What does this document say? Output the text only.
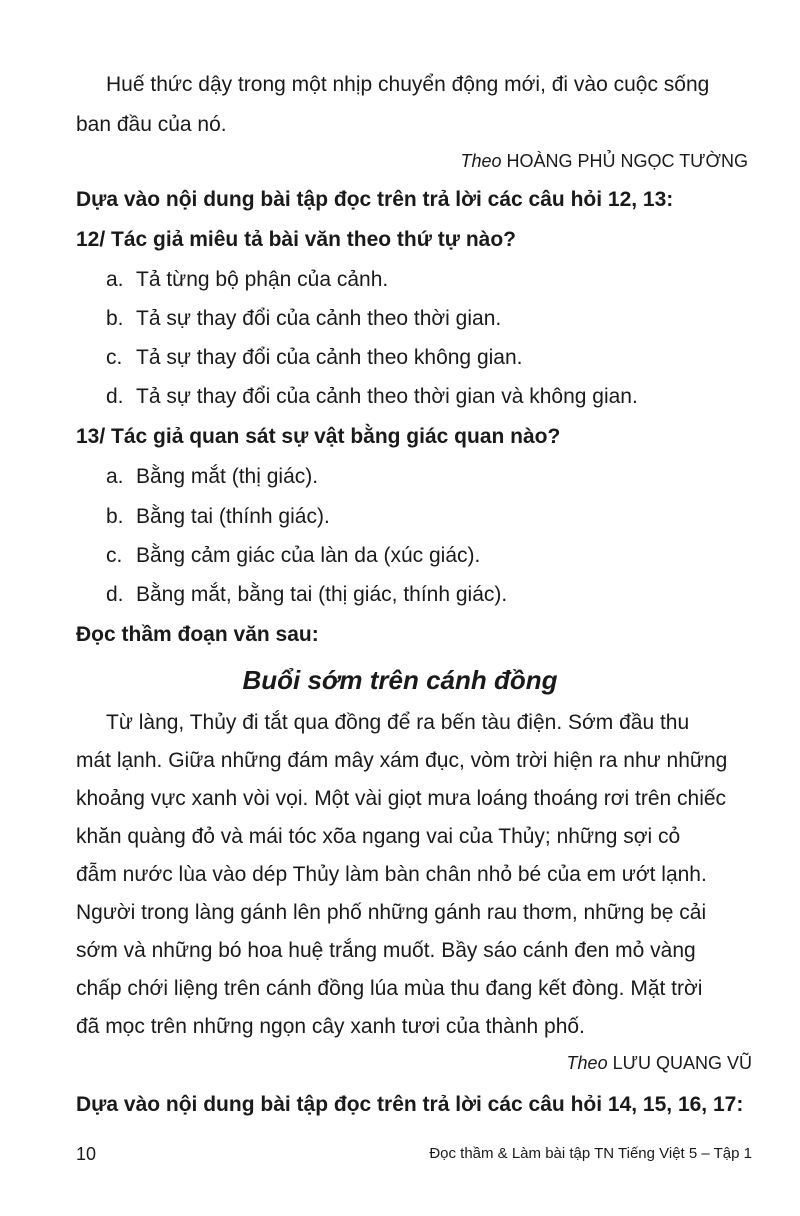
Huế thức dậy trong một nhịp chuyển động mới, đi vào cuộc sống
ban đầu của nó.
Theo HOÀNG PHỦ NGỌC TƯỜNG
Dựa vào nội dung bài tập đọc trên trả lời các câu hỏi 12, 13:
12/ Tác giả miêu tả bài văn theo thứ tự nào?
a. Tả từng bộ phận của cảnh.
b. Tả sự thay đổi của cảnh theo thời gian.
c. Tả sự thay đổi của cảnh theo không gian.
d. Tả sự thay đổi của cảnh theo thời gian và không gian.
13/ Tác giả quan sát sự vật bằng giác quan nào?
a. Bằng mắt (thị giác).
b. Bằng tai (thính giác).
c. Bằng cảm giác của làn da (xúc giác).
d. Bằng mắt, bằng tai (thị giác, thính giác).
Đọc thầm đoạn văn sau:
Buổi sớm trên cánh đồng
Từ làng, Thủy đi tắt qua đồng để ra bến tàu điện. Sớm đầu thu
mát lạnh. Giữa những đám mây xám đục, vòm trời hiện ra như những
khoảng vực xanh vòi vọi. Một vài giọt mưa loáng thoáng rơi trên chiếc
khăn quàng đỏ và mái tóc xõa ngang vai của Thủy; những sợi cỏ
đẫm nước lùa vào dép Thủy làm bàn chân nhỏ bé của em ướt lạnh.
Người trong làng gánh lên phố những gánh rau thơm, những bẹ cải
sớm và những bó hoa huệ trắng muốt. Bầy sáo cánh đen mỏ vàng
chấp chới liệng trên cánh đồng lúa mùa thu đang kết đòng. Mặt trời
đã mọc trên những ngọn cây xanh tươi của thành phố.
Theo LƯU QUANG VŨ
Dựa vào nội dung bài tập đọc trên trả lời các câu hỏi 14, 15, 16, 17:
10	Đọc thầm & Làm bài tập TN Tiếng Việt 5 – Tập 1
